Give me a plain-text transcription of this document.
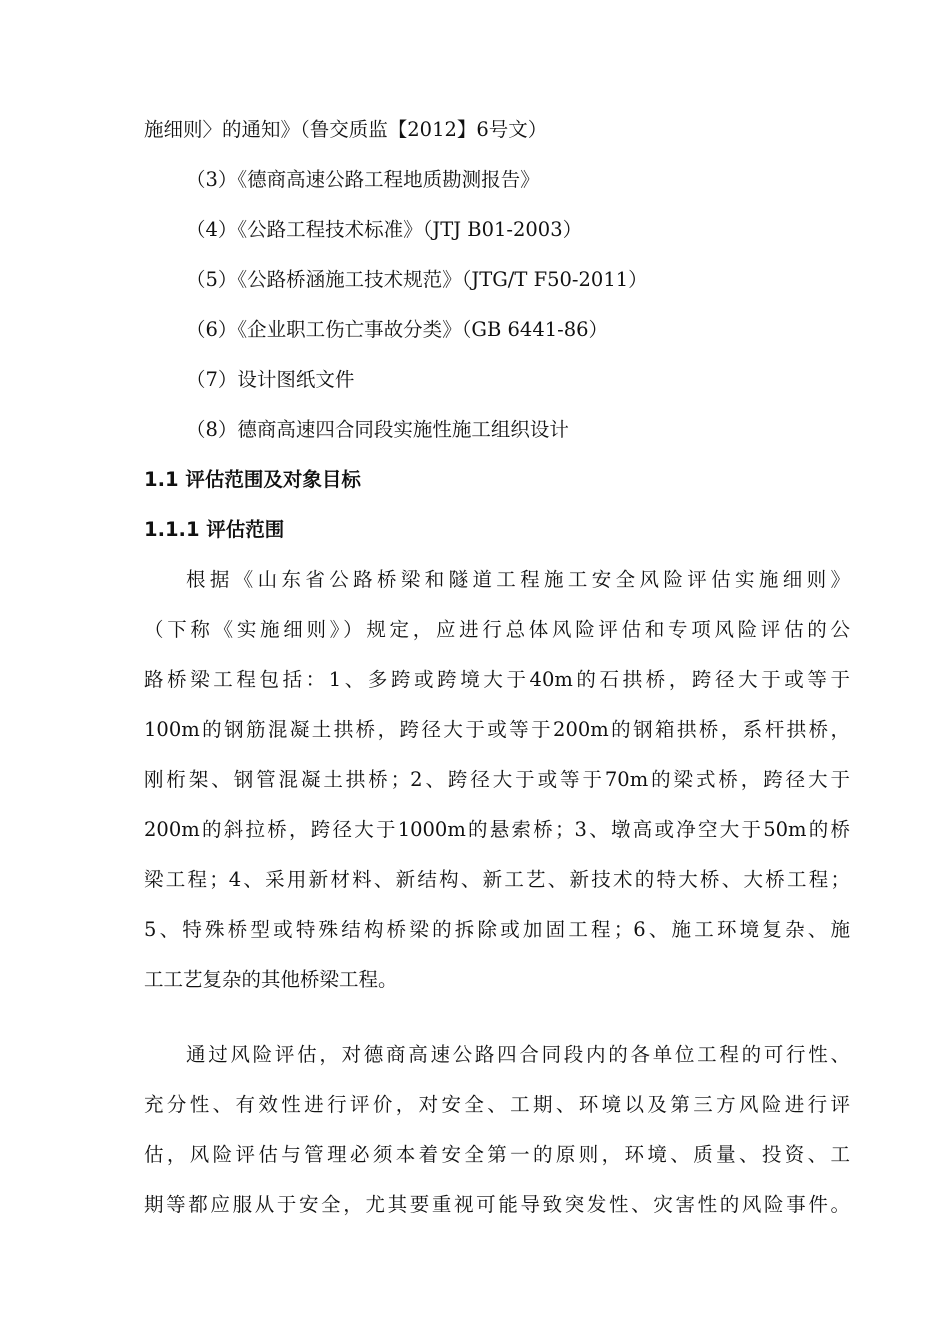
施细则〉的通知》（鲁交质监【2012】6号文）
（3）《德商高速公路工程地质勘测报告》
（4）《公路工程技术标准》（JTJ B01-2003）
（5）《公路桥涵施工技术规范》（JTG/T F50-2011）
（6）《企业职工伤亡事故分类》（GB 6441-86）
（7）设计图纸文件
（8）德商高速四合同段实施性施工组织设计
1.1 评估范围及对象目标
1.1.1 评估范围
根据《山东省公路桥梁和隧道工程施工安全风险评估实施细则》
（下称《实施细则》）规定，应进行总体风险评估和专项风险评估的公
路桥梁工程包括：1、多跨或跨境大于40m的石拱桥，跨径大于或等于
100m的钢筋混凝土拱桥，跨径大于或等于200m的钢箱拱桥，系杆拱桥，
刚桁架、钢管混凝土拱桥；2、跨径大于或等于70m的梁式桥，跨径大于
200m的斜拉桥，跨径大于1000m的悬索桥；3、墩高或净空大于50m的桥
梁工程；4、采用新材料、新结构、新工艺、新技术的特大桥、大桥工程；
5、特殊桥型或特殊结构桥梁的拆除或加固工程；6、施工环境复杂、施
工工艺复杂的其他桥梁工程。
通过风险评估，对德商高速公路四合同段内的各单位工程的可行性、
充分性、有效性进行评价，对安全、工期、环境以及第三方风险进行评
估，风险评估与管理必须本着安全第一的原则，环境、质量、投资、工
期等都应服从于安全，尤其要重视可能导致突发性、灾害性的风险事件。
